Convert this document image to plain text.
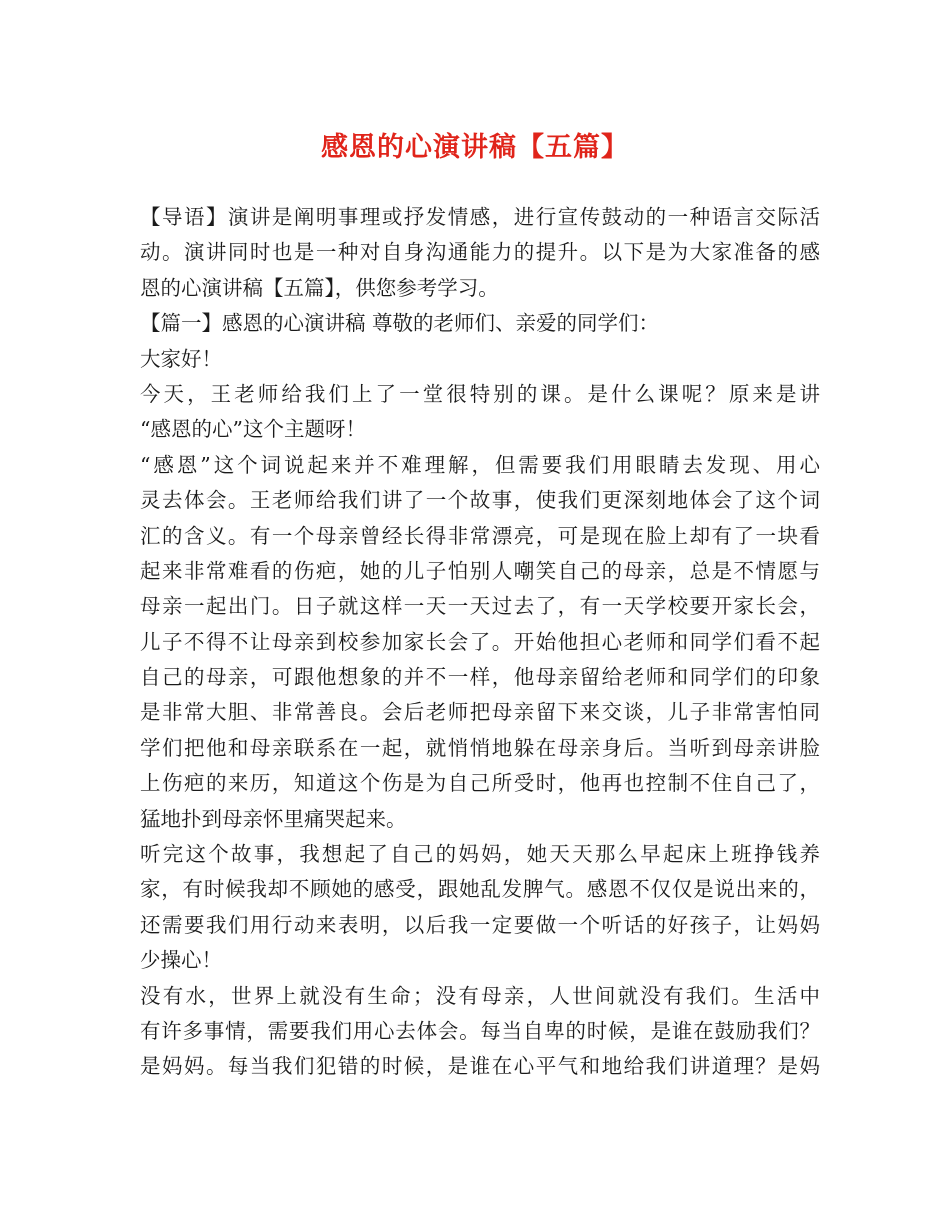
感恩的心演讲稿【五篇】
【导语】演讲是阐明事理或抒发情感，进行宣传鼓动的一种语言交际活
动。演讲同时也是一种对自身沟通能力的提升。以下是为大家准备的感
恩的心演讲稿【五篇】，供您参考学习。
【篇一】感恩的心演讲稿 尊敬的老师们、亲爱的同学们：
大家好！
今天，王老师给我们上了一堂很特别的课。是什么课呢？原来是讲
“感恩的心”这个主题呀！
“感恩”这个词说起来并不难理解，但需要我们用眼睛去发现、用心
灵去体会。王老师给我们讲了一个故事，使我们更深刻地体会了这个词
汇的含义。有一个母亲曾经长得非常漂亮，可是现在脸上却有了一块看
起来非常难看的伤疤，她的儿子怕别人嘲笑自己的母亲，总是不情愿与
母亲一起出门。日子就这样一天一天过去了，有一天学校要开家长会，
儿子不得不让母亲到校参加家长会了。开始他担心老师和同学们看不起
自己的母亲，可跟他想象的并不一样，他母亲留给老师和同学们的印象
是非常大胆、非常善良。会后老师把母亲留下来交谈，儿子非常害怕同
学们把他和母亲联系在一起，就悄悄地躲在母亲身后。当听到母亲讲脸
上伤疤的来历，知道这个伤是为自己所受时，他再也控制不住自己了，
猛地扑到母亲怀里痛哭起来。
听完这个故事，我想起了自己的妈妈，她天天那么早起床上班挣钱养
家，有时候我却不顾她的感受，跟她乱发脾气。感恩不仅仅是说出来的，
还需要我们用行动来表明，以后我一定要做一个听话的好孩子，让妈妈
少操心！
没有水，世界上就没有生命；没有母亲，人世间就没有我们。生活中
有许多事情，需要我们用心去体会。每当自卑的时候，是谁在鼓励我们？
是妈妈。每当我们犯错的时候，是谁在心平气和地给我们讲道理？是妈
